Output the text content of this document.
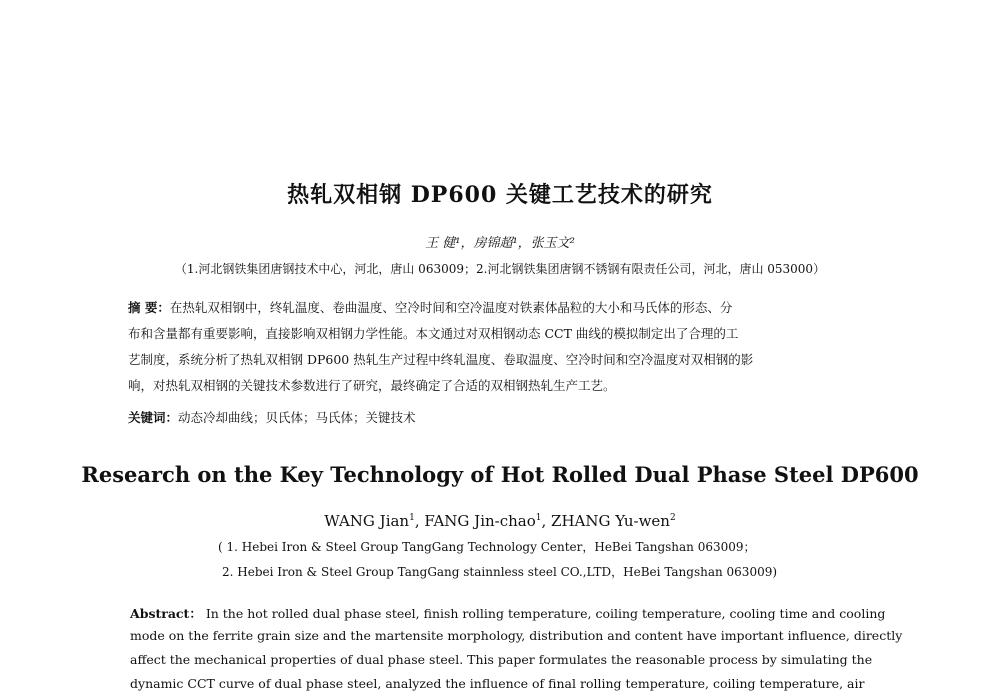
热轧双相钢 DP600 关键工艺技术的研究
王 健¹，房锦超¹，张玉文²
（1.河北钢铁集团唐钢技术中心，河北，唐山 063009；2.河北钢铁集团唐钢不锈钢有限责任公司，河北，唐山 053000）
摘 要：在热轧双相钢中，终轧温度、卷曲温度、空冷时间和空冷温度对铁素体晶粒的大小和马氏体的形态、分
布和含量都有重要影响，直接影响双相钢力学性能。本文通过对双相钢动态 CCT 曲线的模拟制定出了合理的工
艺制度，系统分析了热轧双相钢 DP600 热轧生产过程中终轧温度、卷取温度、空冷时间和空冷温度对双相钢的影
响，对热轧双相钢的关键技术参数进行了研究，最终确定了合适的双相钢热轧生产工艺。
关键词：动态冷却曲线；贝氏体；马氏体；关键技术
Research on the Key Technology of Hot Rolled Dual Phase Steel DP600
WANG Jian$^1$, FANG Jin-chao$^1$, ZHANG Yu-wen$^2$
( 1. Hebei Iron & Steel Group TangGang Technology Center，HeBei Tangshan 063009；
2. Hebei Iron & Steel Group TangGang stainnless steel CO.,LTD，HeBei Tangshan 063009)
Abstract： In the hot rolled dual phase steel, finish rolling temperature, coiling temperature, cooling time and cooling
mode on the ferrite grain size and the martensite morphology, distribution and content have important influence, directly
affect the mechanical properties of dual phase steel. This paper formulates the reasonable process by simulating the
dynamic CCT curve of dual phase steel, analyzed the influence of final rolling temperature, coiling temperature, air
